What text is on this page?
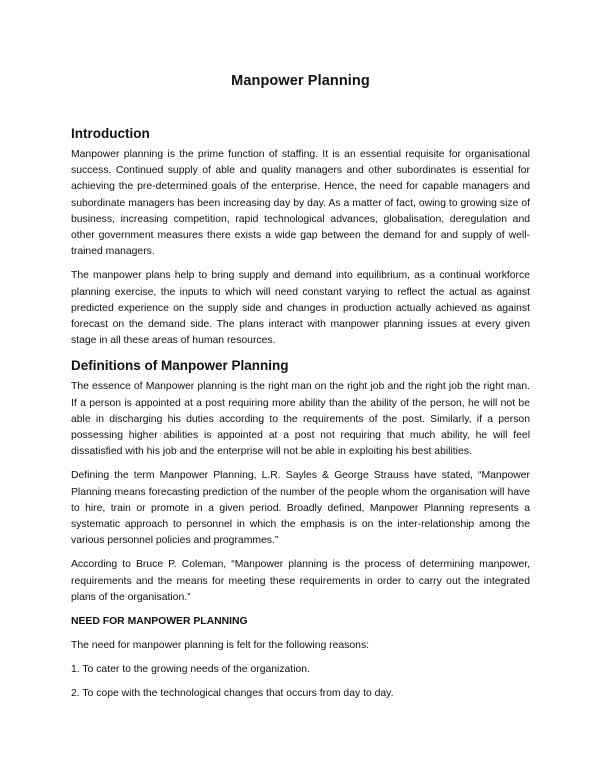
Manpower Planning
Introduction

Manpower planning is the prime function of staffing. It is an essential requisite for organisational success. Continued supply of able and quality managers and other subordinates is essential for achieving the pre-determined goals of the enterprise. Hence, the need for capable managers and subordinate managers has been increasing day by day. As a matter of fact, owing to growing size of business, increasing competition, rapid technological advances, globalisation, deregulation and other government measures there exists a wide gap between the demand for and supply of well-trained managers.

The manpower plans help to bring supply and demand into equilibrium, as a continual workforce planning exercise, the inputs to which will need constant varying to reflect the actual as against predicted experience on the supply side and changes in production actually achieved as against forecast on the demand side. The plans interact with manpower planning issues at every given stage in all these areas of human resources.

Definitions of Manpower Planning

The essence of Manpower planning is the right man on the right job and the right job the right man. If a person is appointed at a post requiring more ability than the ability of the person, he will not be able in discharging his duties according to the requirements of the post. Similarly, if a person possessing higher abilities is appointed at a post not requiring that much ability, he will feel dissatisfied with his job and the enterprise will not be able in exploiting his best abilities.

Defining the term Manpower Planning, L.R. Sayles & George Strauss have stated, “Manpower Planning means forecasting prediction of the number of the people whom the organisation will have to hire, train or promote in a given period. Broadly defined, Manpower Planning represents a systematic approach to personnel in which the emphasis is on the inter-relationship among the various personnel policies and programmes.”

According to Bruce P. Coleman, “Manpower planning is the process of determining manpower, requirements and the means for meeting these requirements in order to carry out the integrated plans of the organisation.”

NEED FOR MANPOWER PLANNING

The need for manpower planning is felt for the following reasons:

1. To cater to the growing needs of the organization.

2. To cope with the technological changes that occurs from day to day.
